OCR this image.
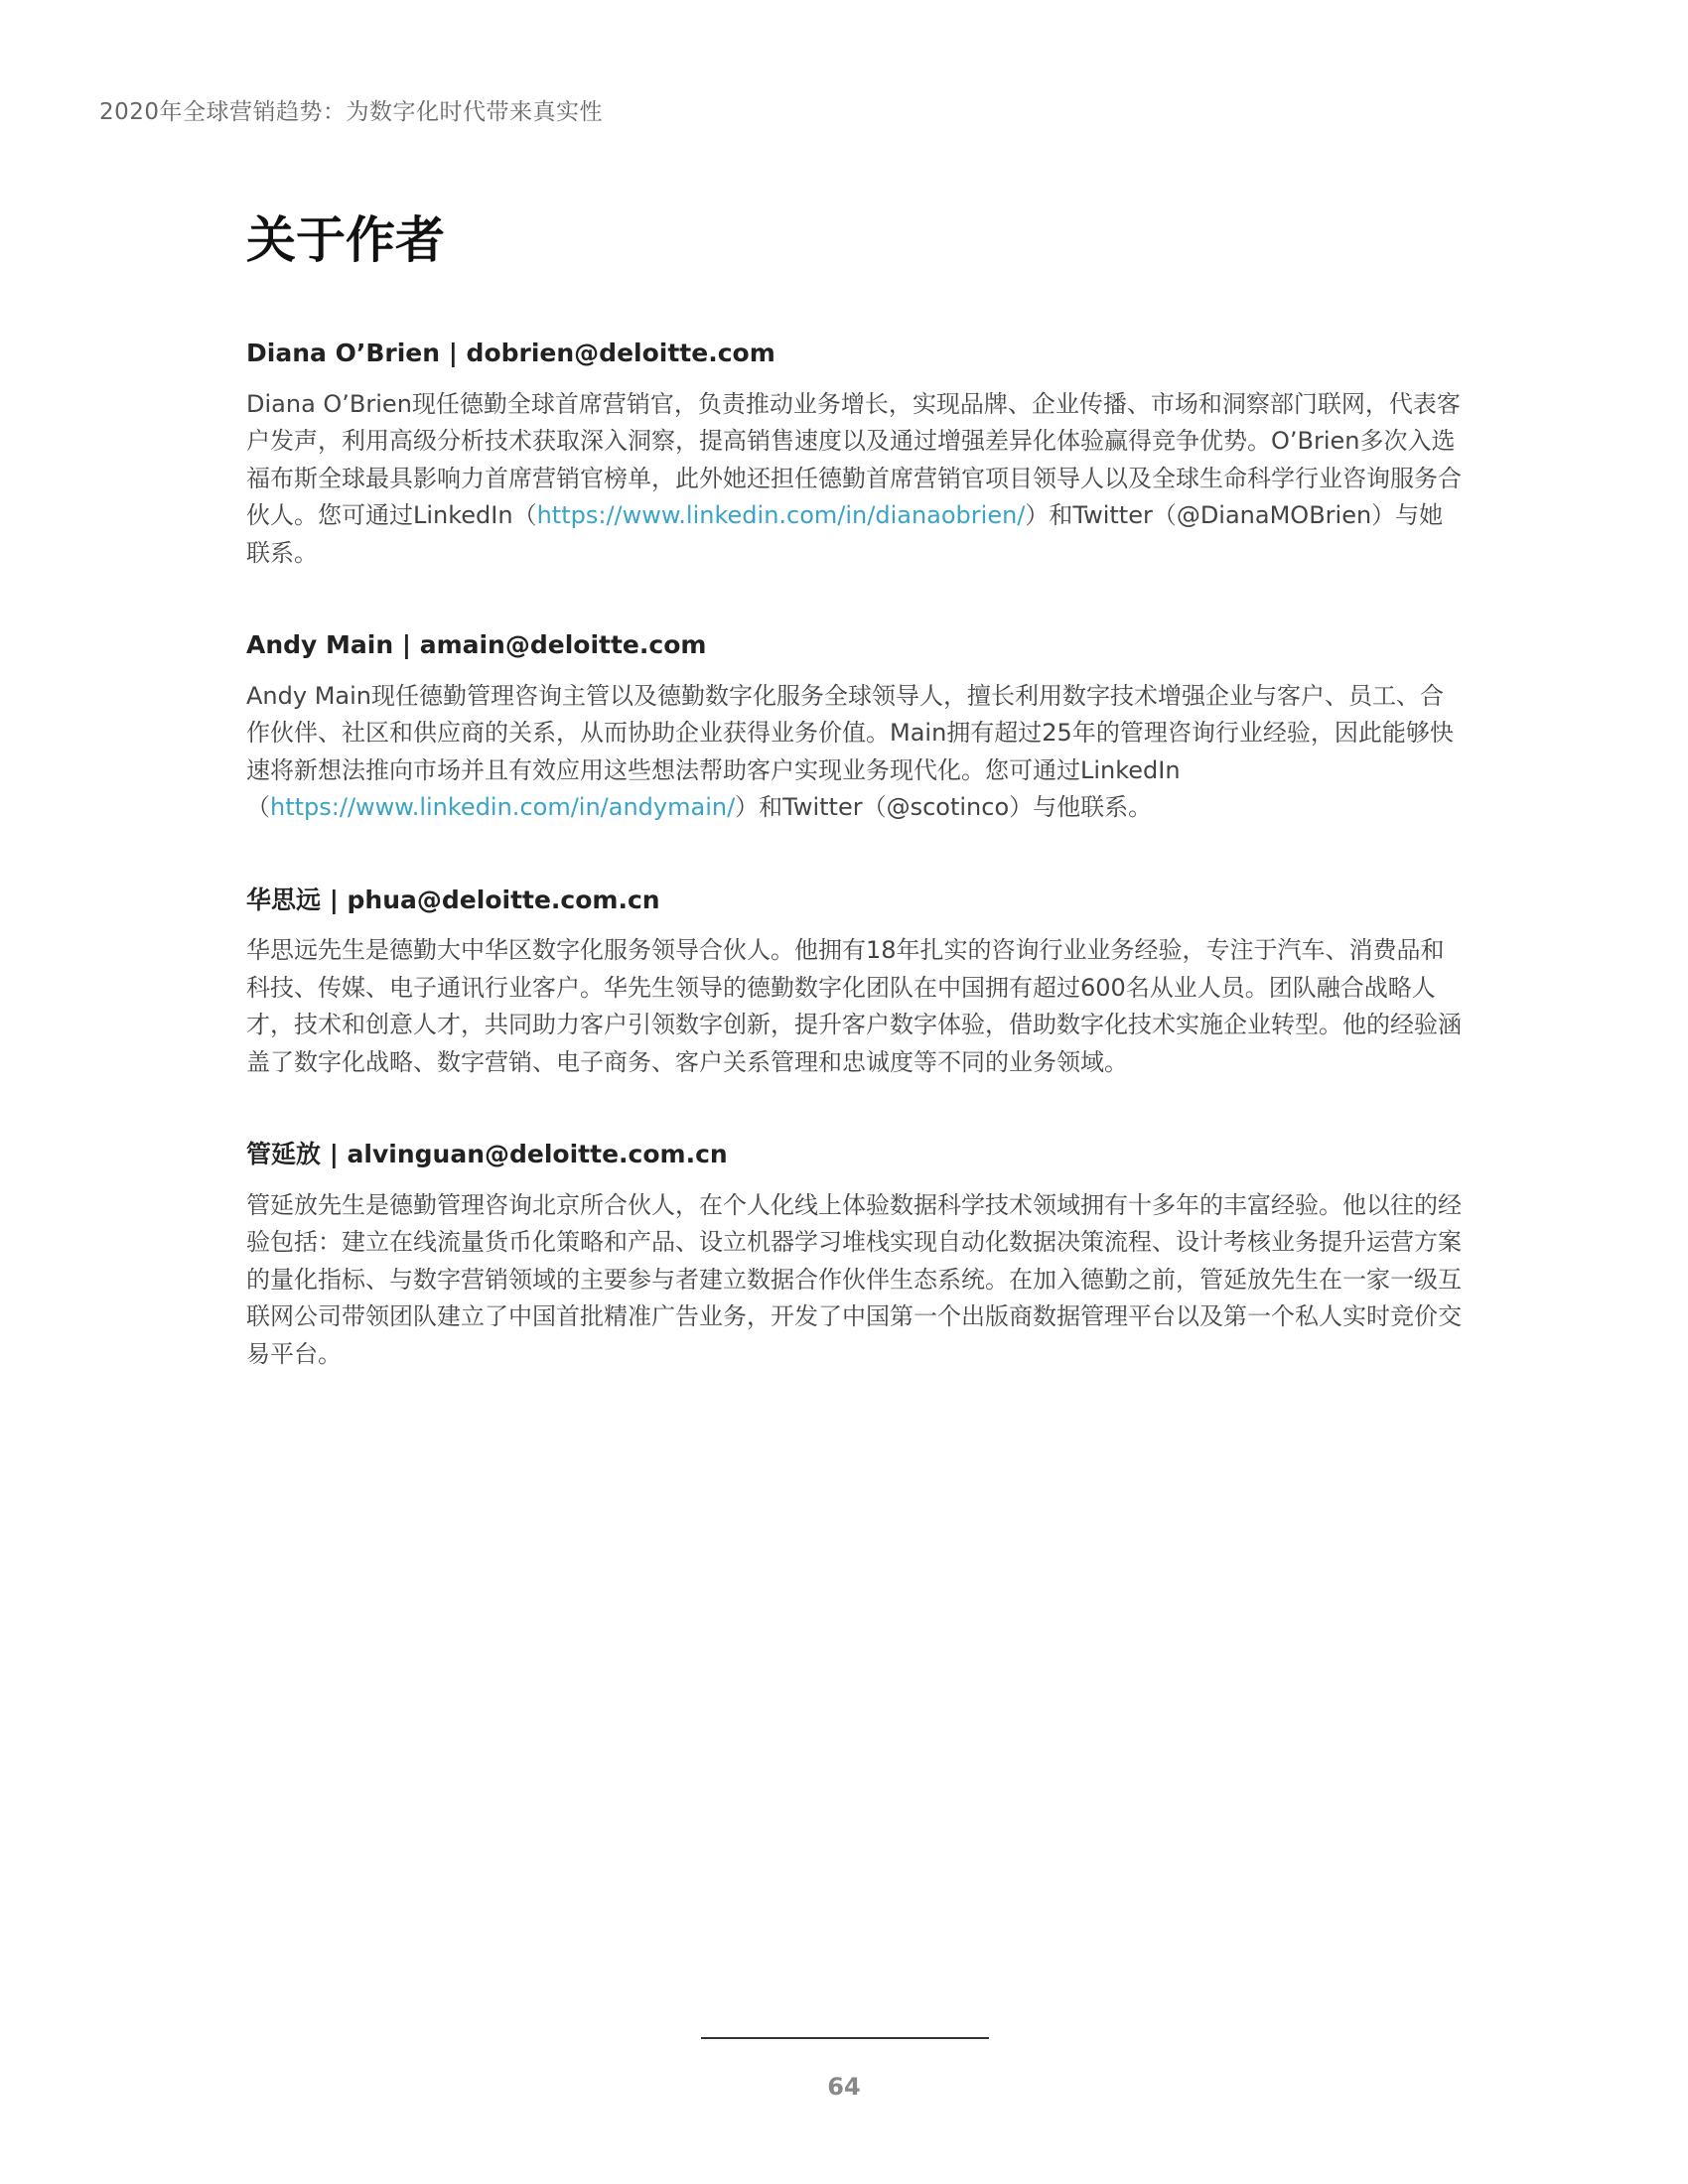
2020年全球营销趋势：为数字化时代带来真实性
关于作者
Diana O’Brien | dobrien@deloitte.com

Diana O’Brien现任德勤全球首席营销官，负责推动业务增长，实现品牌、企业传播、市场和洞察部门联网，代表客户发声，利用高级分析技术获取深入洞察，提高销售速度以及通过增强差异化体验赢得竞争优势。O’Brien多次入选福布斯全球最具影响力首席营销官榜单，此外她还担任德勤首席营销官项目领导人以及全球生命科学行业咨询服务合伙人。您可通过LinkedIn（https://www.linkedin.com/in/dianaobrien/）和Twitter（@DianaMOBrien）与她联系。

Andy Main | amain@deloitte.com

Andy Main现任德勤管理咨询主管以及德勤数字化服务全球领导人，擅长利用数字技术增强企业与客户、员工、合作伙伴、社区和供应商的关系，从而协助企业获得业务价值。Main拥有超过25年的管理咨询行业经验，因此能够快速将新想法推向市场并且有效应用这些想法帮助客户实现业务现代化。您可通过LinkedIn（https://www.linkedin.com/in/andymain/）和Twitter（@scotinco）与他联系。

华思远 | phua@deloitte.com.cn

华思远先生是德勤大中华区数字化服务领导合伙人。他拥有18年扎实的咨询行业业务经验，专注于汽车、消费品和科技、传媒、电子通讯行业客户。华先生领导的德勤数字化团队在中国拥有超过600名从业人员。团队融合战略人才，技术和创意人才，共同助力客户引领数字创新，提升客户数字体验，借助数字化技术实施企业转型。他的经验涵盖了数字化战略、数字营销、电子商务、客户关系管理和忠诚度等不同的业务领域。

管延放 | alvinguan@deloitte.com.cn

管延放先生是德勤管理咨询北京所合伙人，在个人化线上体验数据科学技术领域拥有十多年的丰富经验。他以往的经验包括：建立在线流量货币化策略和产品、设立机器学习堆栈实现自动化数据决策流程、设计考核业务提升运营方案的量化指标、与数字营销领域的主要参与者建立数据合作伙伴生态系统。在加入德勤之前，管延放先生在一家一级互联网公司带领团队建立了中国首批精准广告业务，开发了中国第一个出版商数据管理平台以及第一个私人实时竞价交易平台。

64
